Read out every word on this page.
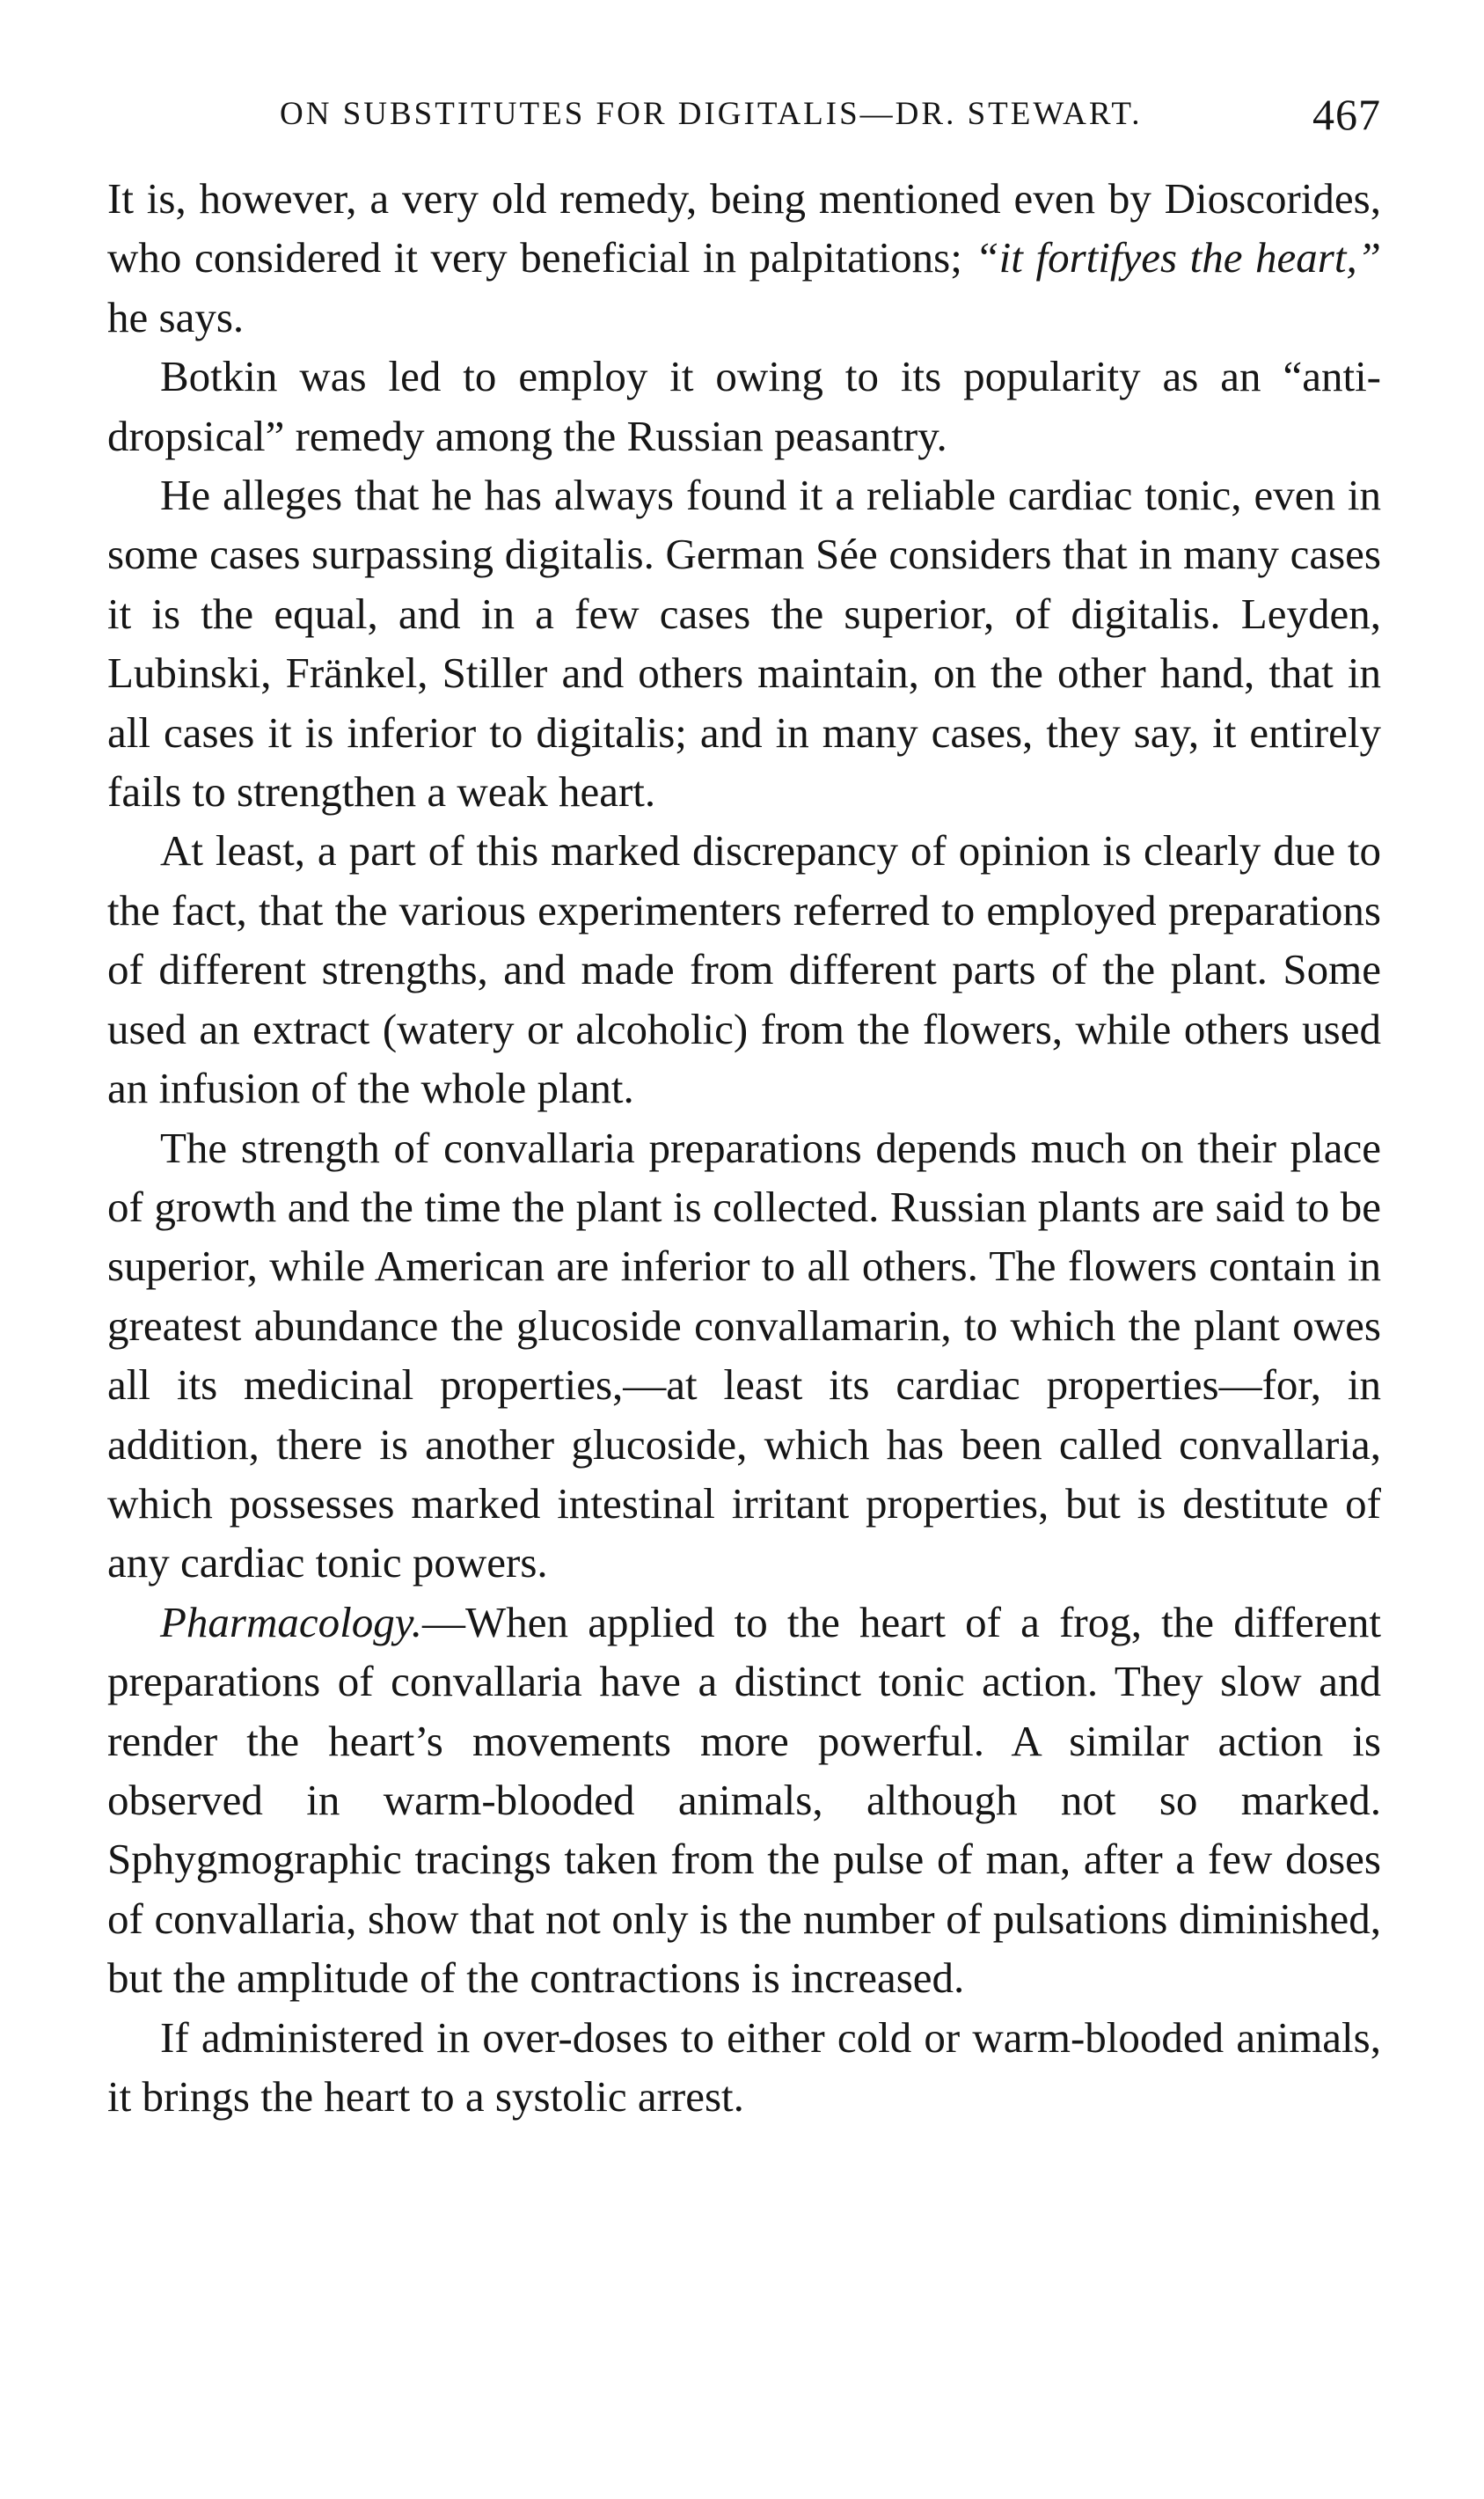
ON SUBSTITUTES FOR DIGITALIS—DR. STEWART.	467

It is, however, a very old remedy, being mentioned even by Dioscorides, who considered it very beneficial in palpitations; “it fortifyes the heart,” he says.

Botkin was led to employ it owing to its popularity as an “anti-dropsical” remedy among the Russian peasantry.

He alleges that he has always found it a reliable cardiac tonic, even in some cases surpassing digitalis. German Sée considers that in many cases it is the equal, and in a few cases the superior, of digitalis. Leyden, Lubinski, Fränkel, Stiller and others maintain, on the other hand, that in all cases it is inferior to digitalis; and in many cases, they say, it entirely fails to strengthen a weak heart.

At least, a part of this marked discrepancy of opinion is clearly due to the fact, that the various experimenters referred to employed preparations of different strengths, and made from different parts of the plant. Some used an extract (watery or alcoholic) from the flowers, while others used an infusion of the whole plant.

The strength of convallaria preparations depends much on their place of growth and the time the plant is collected. Russian plants are said to be superior, while American are inferior to all others. The flowers contain in greatest abundance the glucoside convallamarin, to which the plant owes all its medicinal properties,—at least its cardiac properties—for, in addition, there is another glucoside, which has been called convallaria, which possesses marked intestinal irritant properties, but is destitute of any cardiac tonic powers.

Pharmacology.—When applied to the heart of a frog, the different preparations of convallaria have a distinct tonic action. They slow and render the heart’s movements more powerful. A similar action is observed in warm-blooded animals, although not so marked. Sphygmographic tracings taken from the pulse of man, after a few doses of convallaria, show that not only is the number of pulsations diminished, but the amplitude of the contractions is increased.

If administered in over-doses to either cold or warm-blooded animals, it brings the heart to a systolic arrest.
